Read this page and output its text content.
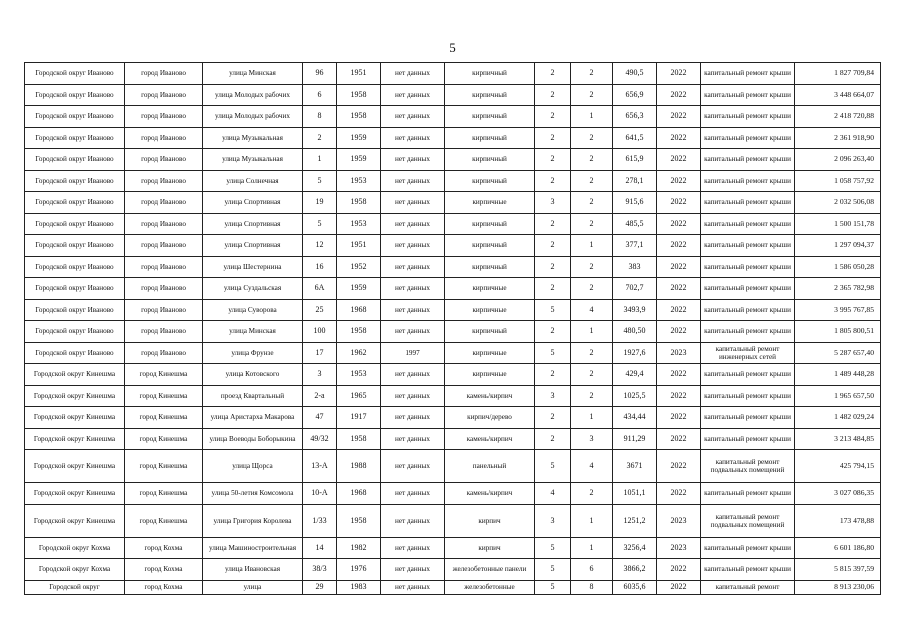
5
Городской округ Иваново	город Иваново	улица Минская	96	1951	нет данных	кирпичный	2	2	490,5	2022	капитальный ремонт крыши	1 827 709,84
Городской округ Иваново	город Иваново	улица Молодых рабочих	6	1958	нет данных	кирпичный	2	2	656,9	2022	капитальный ремонт крыши	3 448 664,07
Городской округ Иваново	город Иваново	улица Молодых рабочих	8	1958	нет данных	кирпичный	2	1	656,3	2022	капитальный ремонт крыши	2 418 720,88
Городской округ Иваново	город Иваново	улица Музыкальная	2	1959	нет данных	кирпичный	2	2	641,5	2022	капитальный ремонт крыши	2 361 918,90
Городской округ Иваново	город Иваново	улица Музыкальная	1	1959	нет данных	кирпичный	2	2	615,9	2022	капитальный ремонт крыши	2 096 263,40
Городской округ Иваново	город Иваново	улица Солнечная	5	1953	нет данных	кирпичный	2	2	278,1	2022	капитальный ремонт крыши	1 058 757,92
Городской округ Иваново	город Иваново	улица Спортивная	19	1958	нет данных	кирпичные	3	2	915,6	2022	капитальный ремонт крыши	2 032 506,08
Городской округ Иваново	город Иваново	улица Спортивная	5	1953	нет данных	кирпичный	2	2	485,5	2022	капитальный ремонт крыши	1 500 151,78
Городской округ Иваново	город Иваново	улица Спортивная	12	1951	нет данных	кирпичный	2	1	377,1	2022	капитальный ремонт крыши	1 297 094,37
Городской округ Иваново	город Иваново	улица Шестернина	16	1952	нет данных	кирпичный	2	2	383	2022	капитальный ремонт крыши	1 586 050,28
Городской округ Иваново	город Иваново	улица Суздальская	6А	1959	нет данных	кирпичные	2	2	702,7	2022	капитальный ремонт крыши	2 365 782,98
Городской округ Иваново	город Иваново	улица Суворова	25	1968	нет данных	кирпичные	5	4	3493,9	2022	капитальный ремонт крыши	3 995 767,85
Городской округ Иваново	город Иваново	улица Минская	100	1958	нет данных	кирпичный	2	1	480,50	2022	капитальный ремонт крыши	1 805 800,51
Городской округ Иваново	город Иваново	улица Фрунзе	17	1962	1997	кирпичные	5	2	1927,6	2023	капитальный ремонт инженерных сетей	5 287 657,40
Городской округ Кинешма	город Кинешма	улица Котовского	3	1953	нет данных	кирпичные	2	2	429,4	2022	капитальный ремонт крыши	1 489 448,28
Городской округ Кинешма	город Кинешма	проезд Квартальный	2-а	1965	нет данных	камень/кирпич	3	2	1025,5	2022	капитальный ремонт крыши	1 965 657,50
Городской округ Кинешма	город Кинешма	улица Аристарха Макарова	47	1917	нет данных	кирпич/дерево	2	1	434,44	2022	капитальный ремонт крыши	1 482 029,24
Городской округ Кинешма	город Кинешма	улица Воеводы Боборыкина	49/32	1958	нет данных	камень/кирпич	2	3	911,29	2022	капитальный ремонт крыши	3 213 484,85
Городской округ Кинешма	город Кинешма	улица Щорса	13-А	1988	нет данных	панельный	5	4	3671	2022	капитальный ремонт подвальных помещений	425 794,15
Городской округ Кинешма	город Кинешма	улица 50-летия Комсомола	10-А	1968	нет данных	камень/кирпич	4	2	1051,1	2022	капитальный ремонт крыши	3 027 086,35
Городской округ Кинешма	город Кинешма	улица Григория Королева	1/33	1958	нет данных	кирпич	3	1	1251,2	2023	капитальный ремонт подвальных помещений	173 478,88
Городской округ Кохма	город Кохма	улица Машиностроительная	14	1982	нет данных	кирпич	5	1	3256,4	2023	капитальный ремонт крыши	6 601 186,80
Городской округ Кохма	город Кохма	улица Ивановская	38/3	1976	нет данных	железобетонные панели	5	6	3866,2	2022	капитальный ремонт крыши	5 815 397,59
Городской округ	город Кохма	улица	29	1983	нет данных	железобетонные	5	8	6035,6	2022	капитальный ремонт	8 913 230,06
